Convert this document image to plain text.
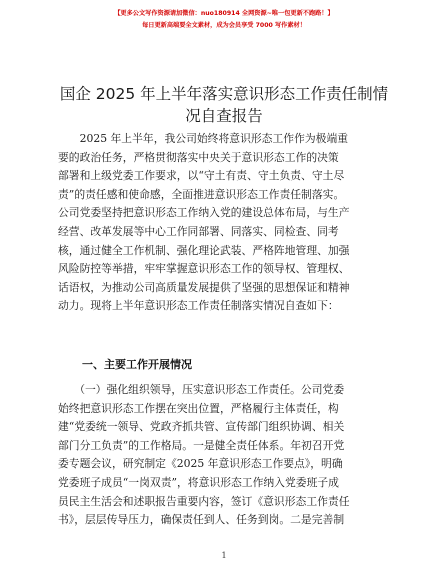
【更多公文写作资源请加微信：nuo180914 全网资源~唯一包更新不跑路！】
每日更新高端要全文素材，成为会员享受 7000 写作素材！
国企 2025 年上半年落实意识形态工作责任制情
况自查报告
　　2025 年上半年，我公司始终将意识形态工作作为极端重
要的政治任务，严格贯彻落实中央关于意识形态工作的决策
部署和上级党委工作要求，以“守土有责、守土负责、守土尽
责”的责任感和使命感，全面推进意识形态工作责任制落实。
公司党委坚持把意识形态工作纳入党的建设总体布局，与生产
经营、改革发展等中心工作同部署、同落实、同检查、同考
核，通过健全工作机制、强化理论武装、严格阵地管理、加强
风险防控等举措，牢牢掌握意识形态工作的领导权、管理权、
话语权，为推动公司高质量发展提供了坚强的思想保证和精神
动力。现将上半年意识形态工作责任制落实情况自查如下：
一、主要工作开展情况
　　（一）强化组织领导，压实意识形态工作责任。公司党委
始终把意识形态工作摆在突出位置，严格履行主体责任，构
建“党委统一领导、党政齐抓共管、宣传部门组织协调、相关
部门分工负责”的工作格局。一是健全责任体系。年初召开党
委专题会议，研究制定《2025 年意识形态工作要点》，明确
党委班子成员“一岗双责”，将意识形态工作纳入党委班子成
员民主生活会和述职报告重要内容，签订《意识形态工作责任
书》，层层传导压力，确保责任到人、任务到岗。二是完善制
1
